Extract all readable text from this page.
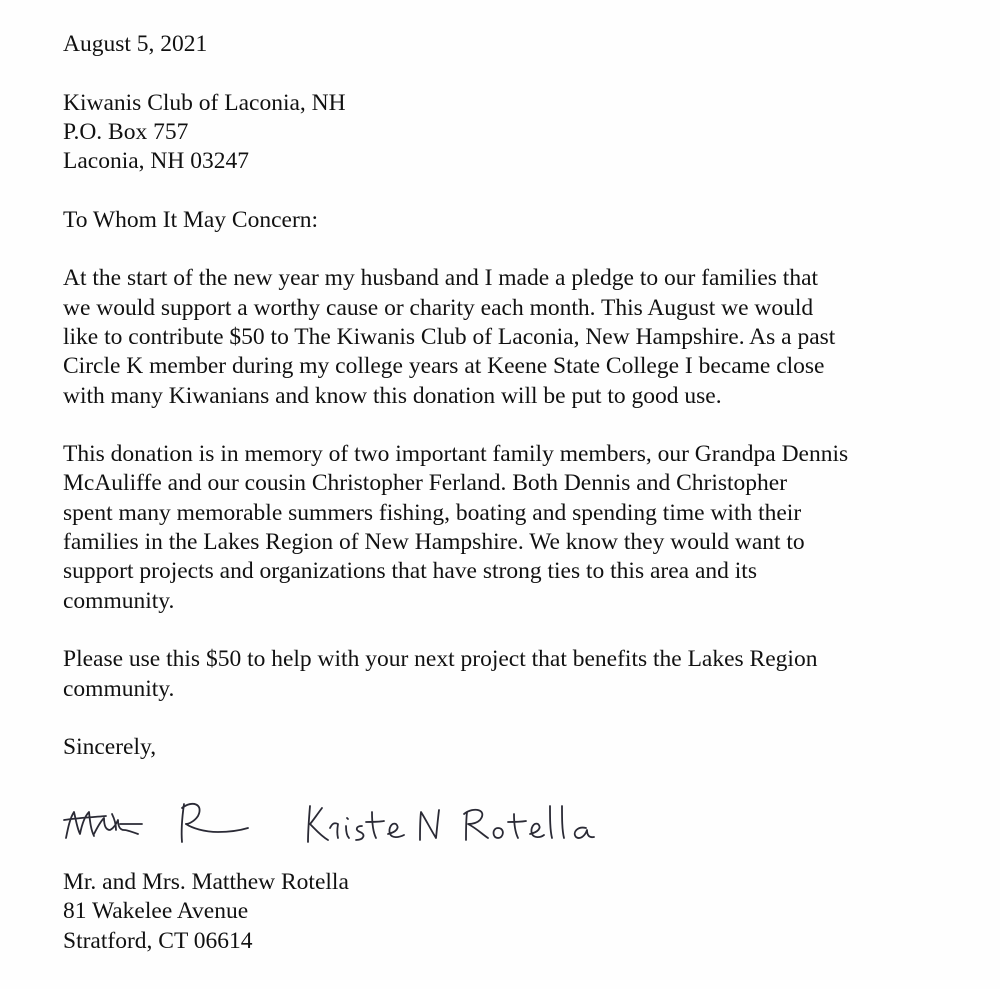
August 5, 2021
Kiwanis Club of Laconia, NH
P.O. Box 757
Laconia, NH 03247
To Whom It May Concern:
At the start of the new year my husband and I made a pledge to our families that
we would support a worthy cause or charity each month. This August we would
like to contribute $50 to The Kiwanis Club of Laconia, New Hampshire. As a past
Circle K member during my college years at Keene State College I became close
with many Kiwanians and know this donation will be put to good use.
This donation is in memory of two important family members, our Grandpa Dennis
McAuliffe and our cousin Christopher Ferland. Both Dennis and Christopher
spent many memorable summers fishing, boating and spending time with their
families in the Lakes Region of New Hampshire. We know they would want to
support projects and organizations that have strong ties to this area and its
community.
Please use this $50 to help with your next project that benefits the Lakes Region
community.
Sincerely,
Mr. and Mrs. Matthew Rotella
81 Wakelee Avenue
Stratford, CT 06614
